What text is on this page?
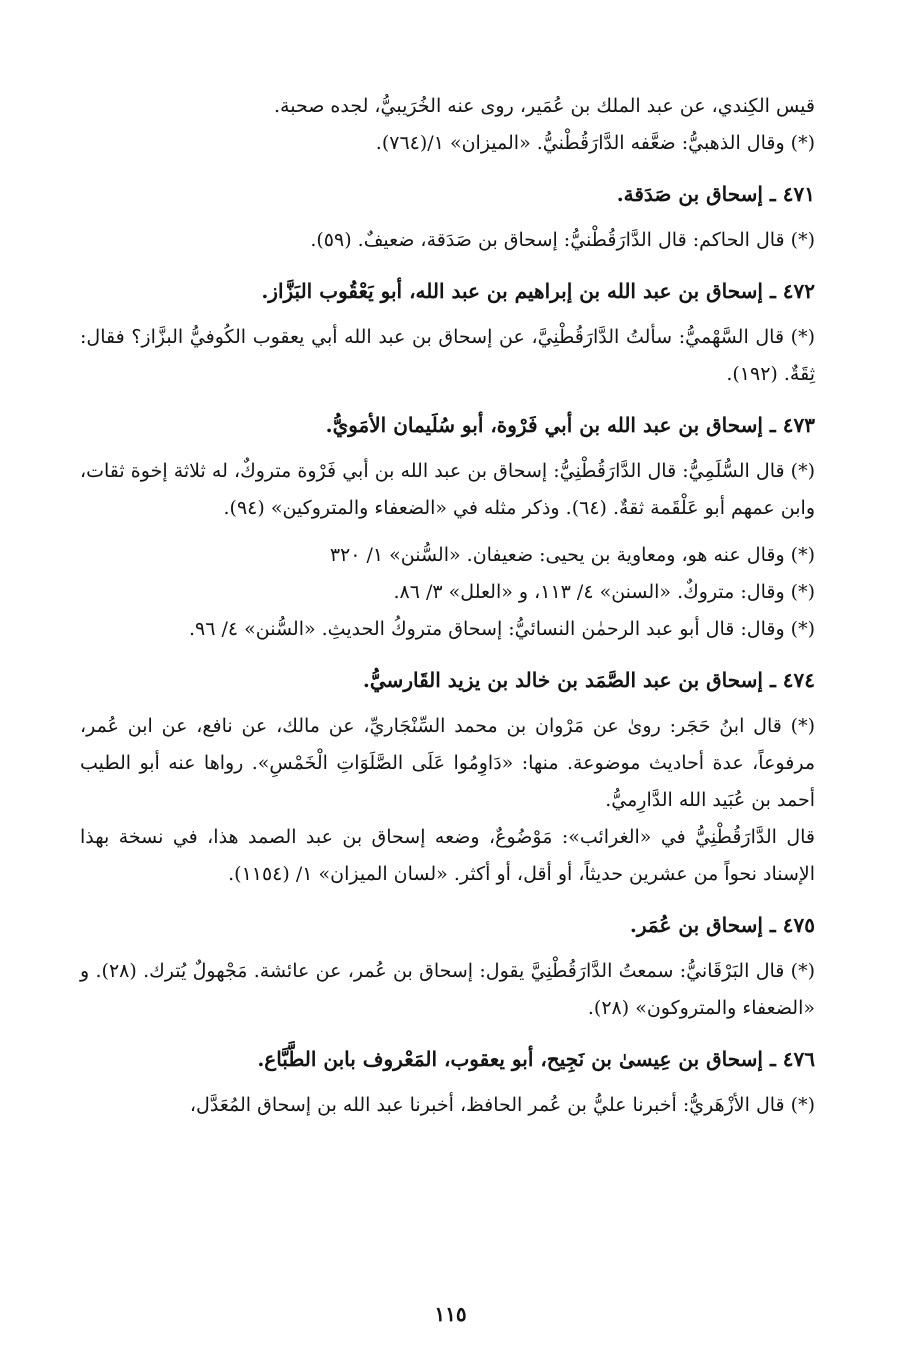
قيس الكِندي، عن عبد الملك بن عُمَير، روى عنه الخُرَيبيُّ، لجده صحبة.

(*) وقال الذهبيُّ: ضعَّفه الدَّارَقُطْنيُّ. «الميزان» ١/(٧٦٤).

٤٧١ ـ إسحاق بن صَدَقة.

(*) قال الحاكم: قال الدَّارَقُطْنيُّ: إسحاق بن صَدَقة، ضعيفٌ. (٥٩).

٤٧٢ ـ إسحاق بن عبد الله بن إبراهيم بن عبد الله، أبو يَعْقُوب البَزَّاز.

(*) قال السَّهْميُّ: سألتُ الدَّارَقُطْنِيَّ، عن إسحاق بن عبد الله أبي يعقوب الكُوفيُّ البزَّاز؟ فقال: ثِقَةٌ. (١٩٢).

٤٧٣ ـ إسحاق بن عبد الله بن أبي فَرْوة، أبو سُلَيمان الأمَويُّ.

(*) قال السُّلَمِيُّ: قال الدَّارَقُطْنِيُّ: إسحاق بن عبد الله بن أبي فَرْوة متروكٌ، له ثلاثة إخوة ثقات، وابن عمهم أبو عَلْقَمة ثقةٌ. (٦٤). وذكر مثله في «الضعفاء والمتروكين» (٩٤).

(*) وقال عنه هو، ومعاوية بن يحيى: ضعيفان. «السُّنن» ١/ ٣٢٠

(*) وقال: متروكٌ. «السنن» ٤/ ١١٣، و «العلل» ٣/ ٨٦.

(*) وقال: قال أبو عبد الرحمٰن النسائيُّ: إسحاق متروكُ الحديثِ. «السُّنن» ٤/ ٩٦.

٤٧٤ ـ إسحاق بن عبد الصَّمَد بن خالد بن يزيد القَارسيُّ.

(*) قال ابنُ حَجَر: روىٰ عن مَرْوان بن محمد السِّنْجَاريِّ، عن مالك، عن نافع، عن ابن عُمر، مرفوعاً، عدة أحاديث موضوعة. منها: «دَاوِمُوا عَلَى الصَّلَوَاتِ الْخَمْسِ». رواها عنه أبو الطيب أحمد بن عُبَيد الله الدَّارِميُّ.

قال الدَّارَقُطْنِيُّ في «الغرائب»: مَوْضُوعٌ، وضعه إسحاق بن عبد الصمد هذا، في نسخة بهذا الإسناد نحواً من عشرين حديثاً، أو أقل، أو أكثر. «لسان الميزان» ١/ (١١٥٤).

٤٧٥ ـ إسحاق بن عُمَر.

(*) قال البَرْقَانيُّ: سمعتُ الدَّارَقُطْنِيَّ يقول: إسحاق بن عُمر، عن عائشة. مَجْهولٌ يُترك. (٢٨). و «الضعفاء والمتروكون» (٢٨).

٤٧٦ ـ إسحاق بن عِيسىٰ بن نَجِيح، أبو يعقوب، المَعْروف بابن الطَّبَّاع.

(*) قال الأزْهَريُّ: أخبرنا عليُّ بن عُمر الحافظ، أخبرنا عبد الله بن إسحاق المُعَدَّل،

١١٥
